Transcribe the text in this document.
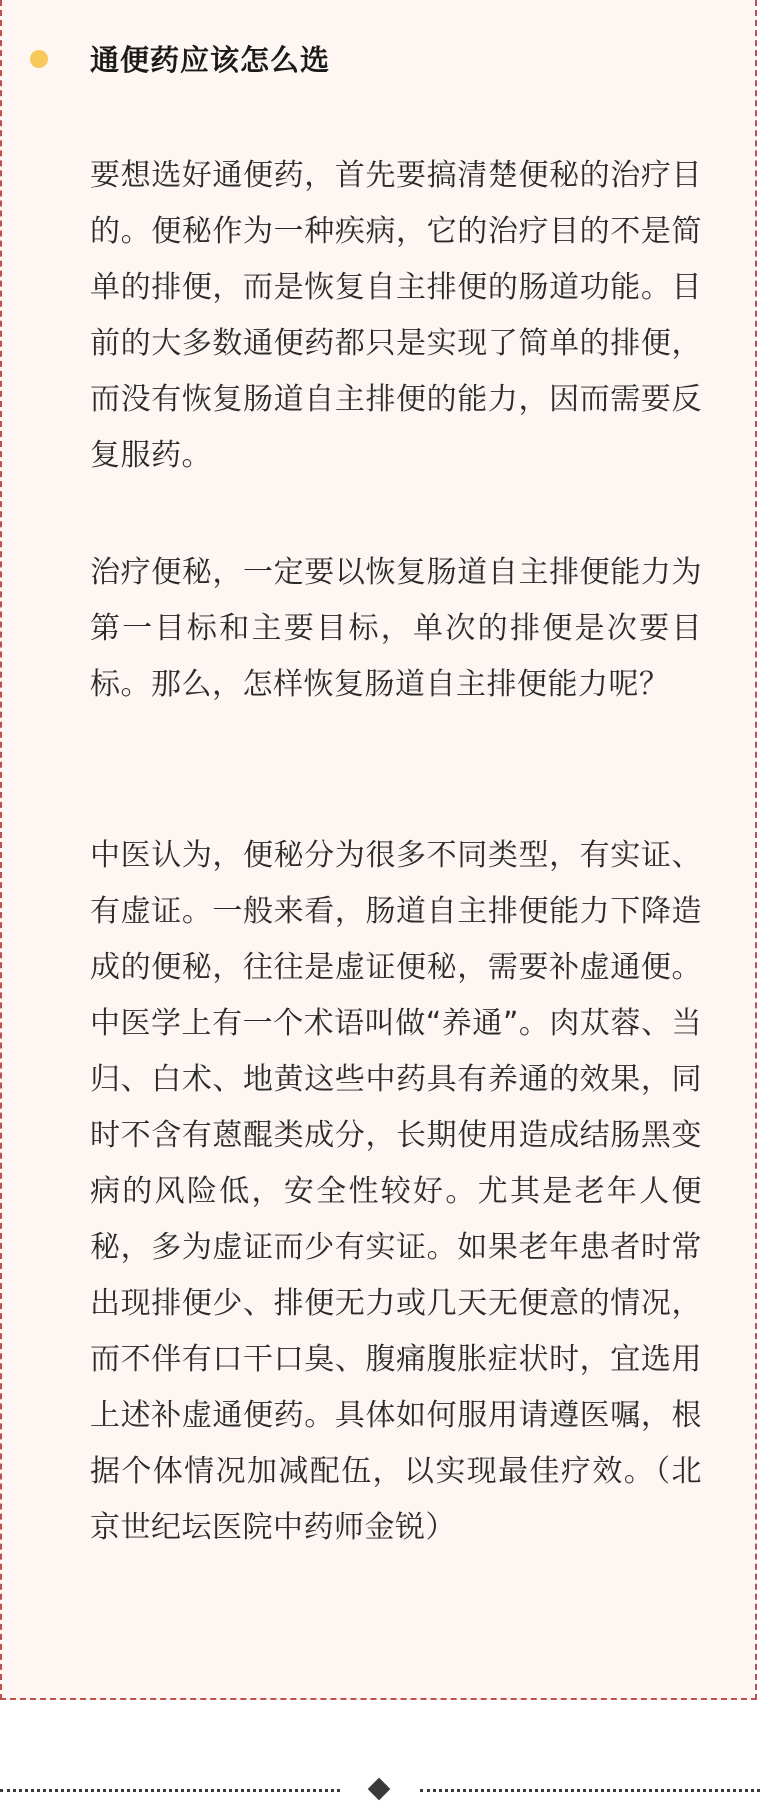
通便药应该怎么选
要想选好通便药，首先要搞清楚便秘的治疗目的。便秘作为一种疾病，它的治疗目的不是简单的排便，而是恢复自主排便的肠道功能。目前的大多数通便药都只是实现了简单的排便，而没有恢复肠道自主排便的能力，因而需要反复服药。
治疗便秘，一定要以恢复肠道自主排便能力为第一目标和主要目标，单次的排便是次要目标。那么，怎样恢复肠道自主排便能力呢？
中医认为，便秘分为很多不同类型，有实证、有虚证。一般来看，肠道自主排便能力下降造成的便秘，往往是虚证便秘，需要补虚通便。中医学上有一个术语叫做“养通”。肉苁蓉、当归、白术、地黄这些中药具有养通的效果，同时不含有蒽醌类成分，长期使用造成结肠黑变病的风险低，安全性较好。尤其是老年人便秘，多为虚证而少有实证。如果老年患者时常出现排便少、排便无力或几天无便意的情况，而不伴有口干口臭、腹痛腹胀症状时，宜选用上述补虚通便药。具体如何服用请遵医嘱，根据个体情况加减配伍，以实现最佳疗效。（北京世纪坛医院中药师金锐）
